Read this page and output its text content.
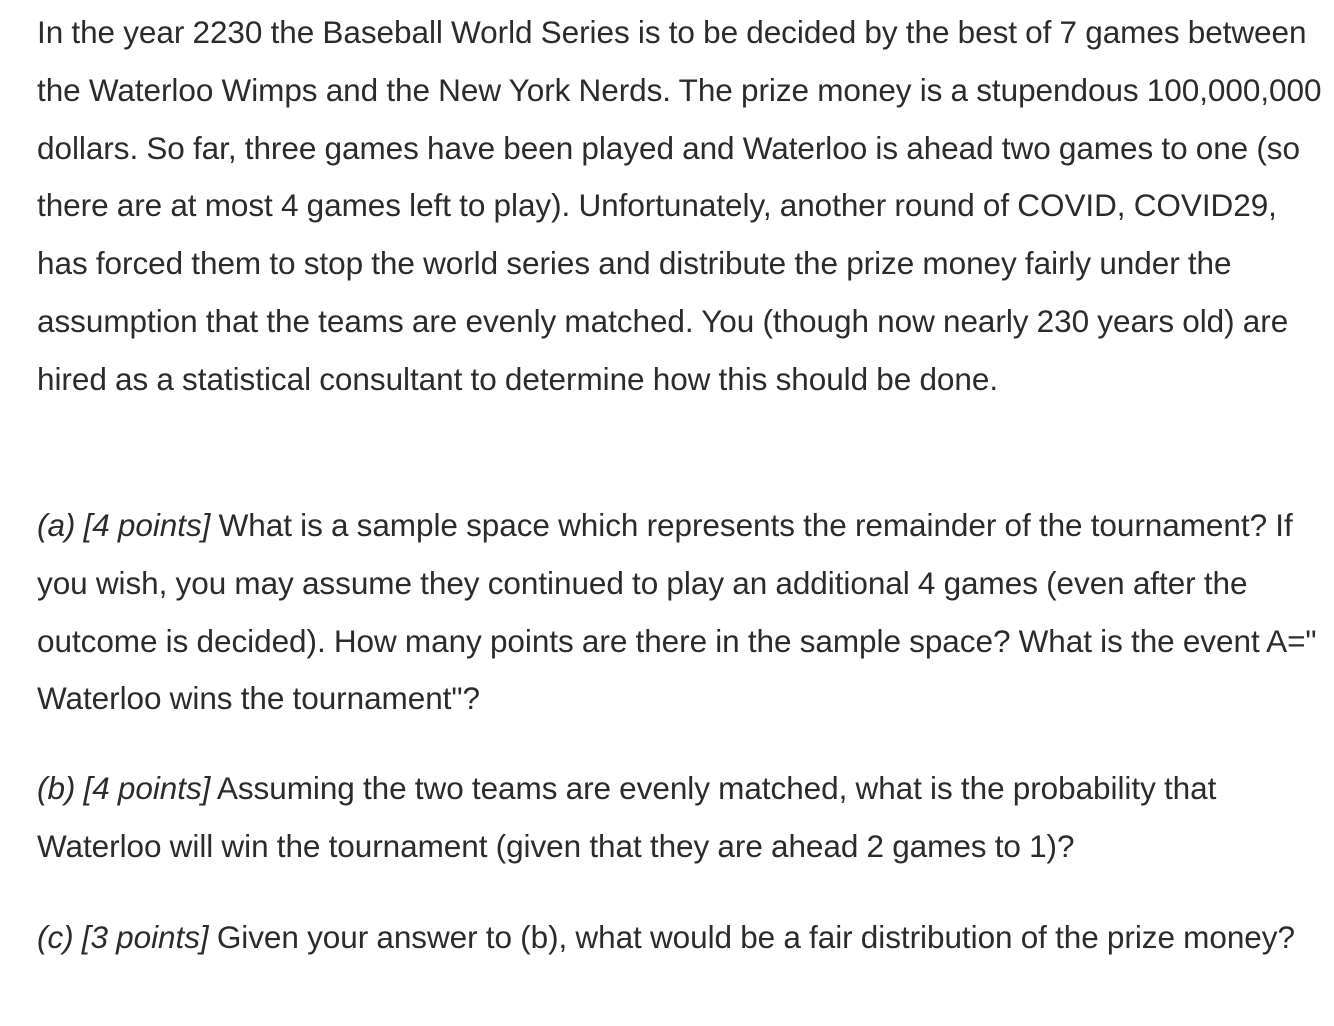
In the year 2230 the Baseball World Series is to be decided by the best of 7 games between the Waterloo Wimps and the New York Nerds. The prize money is a stupendous 100,000,000 dollars. So far, three games have been played and Waterloo is ahead two games to one (so there are at most 4 games left to play). Unfortunately, another round of COVID, COVID29, has forced them to stop the world series and distribute the prize money fairly under the assumption that the teams are evenly matched. You (though now nearly 230 years old) are hired as a statistical consultant to determine how this should be done.

(a) [4 points] What is a sample space which represents the remainder of the tournament? If you wish, you may assume they continued to play an additional 4 games (even after the outcome is decided). How many points are there in the sample space? What is the event A=" Waterloo wins the tournament"?

(b) [4 points] Assuming the two teams are evenly matched, what is the probability that Waterloo will win the tournament (given that they are ahead 2 games to 1)?

(c) [3 points] Given your answer to (b), what would be a fair distribution of the prize money?
